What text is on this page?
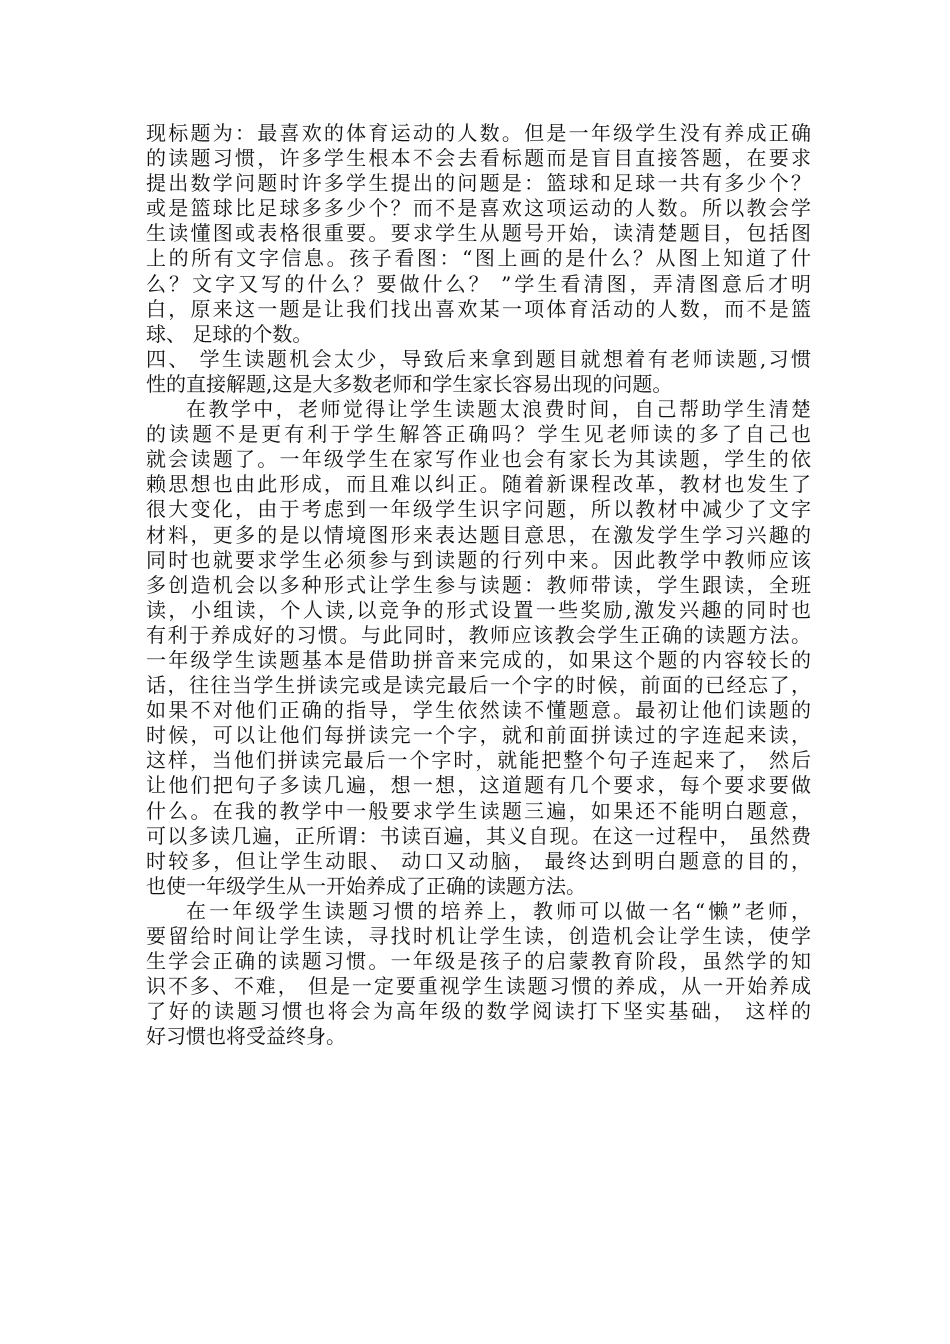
现标题为：最喜欢的体育运动的人数。但是一年级学生没有养成正确
的读题习惯，许多学生根本不会去看标题而是盲目直接答题，在要求
提出数学问题时许多学生提出的问题是：篮球和足球一共有多少个？
或是篮球比足球多多少个？而不是喜欢这项运动的人数。所以教会学
生读懂图或表格很重要。要求学生从题号开始，读清楚题目，包括图
上的所有文字信息。孩子看图：“图上画的是什么？从图上知道了什
么？文字又写的什么？要做什么？ ”学生看清图，弄清图意后才明
白，原来这一题是让我们找出喜欢某一项体育活动的人数，而不是篮
球、 足球的个数。
四、 学生读题机会太少，导致后来拿到题目就想着有老师读题,习惯
性的直接解题,这是大多数老师和学生家长容易出现的问题。
在教学中，老师觉得让学生读题太浪费时间，自己帮助学生清楚
的读题不是更有利于学生解答正确吗？学生见老师读的多了自己也
就会读题了。一年级学生在家写作业也会有家长为其读题，学生的依
赖思想也由此形成，而且难以纠正。随着新课程改革，教材也发生了
很大变化，由于考虑到一年级学生识字问题，所以教材中减少了文字
材料，更多的是以情境图形来表达题目意思，在激发学生学习兴趣的
同时也就要求学生必须参与到读题的行列中来。因此教学中教师应该
多创造机会以多种形式让学生参与读题：教师带读，学生跟读，全班
读，小组读，个人读,以竞争的形式设置一些奖励,激发兴趣的同时也
有利于养成好的习惯。与此同时，教师应该教会学生正确的读题方法。
一年级学生读题基本是借助拼音来完成的，如果这个题的内容较长的
话，往往当学生拼读完或是读完最后一个字的时候，前面的已经忘了，
如果不对他们正确的指导，学生依然读不懂题意。最初让他们读题的
时候，可以让他们每拼读完一个字，就和前面拼读过的字连起来读，
这样，当他们拼读完最后一个字时，就能把整个句子连起来了， 然后
让他们把句子多读几遍，想一想，这道题有几个要求，每个要求要做
什么。在我的教学中一般要求学生读题三遍，如果还不能明白题意，
可以多读几遍，正所谓：书读百遍，其义自现。在这一过程中， 虽然费
时较多，但让学生动眼、 动口又动脑， 最终达到明白题意的目的，
也使一年级学生从一开始养成了正确的读题方法。
在一年级学生读题习惯的培养上，教师可以做一名“懒”老师，
要留给时间让学生读，寻找时机让学生读，创造机会让学生读，使学
生学会正确的读题习惯。一年级是孩子的启蒙教育阶段，虽然学的知
识不多、不难， 但是一定要重视学生读题习惯的养成，从一开始养成
了好的读题习惯也将会为高年级的数学阅读打下坚实基础， 这样的
好习惯也将受益终身。
